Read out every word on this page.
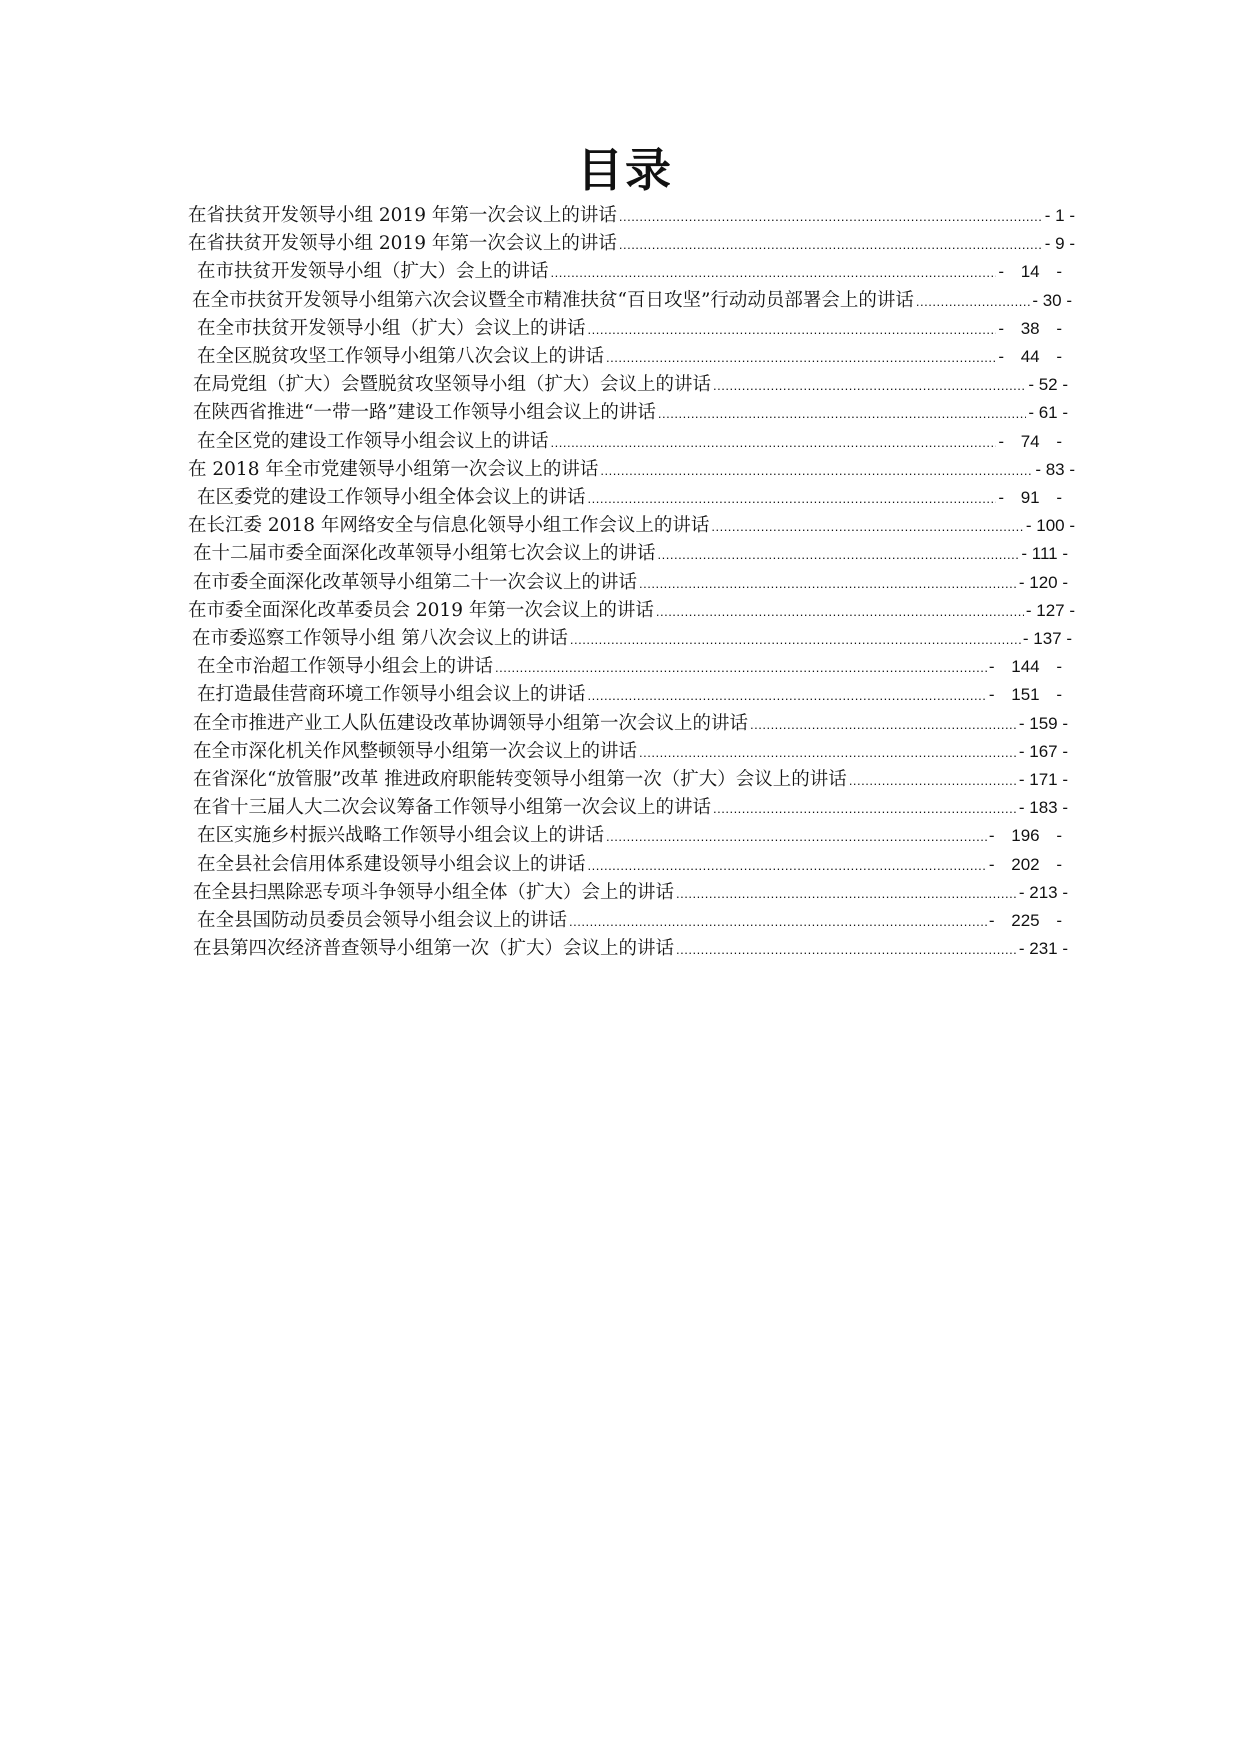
目录
在省扶贫开发领导小组 2019 年第一次会议上的讲话 .....	- 1 -
在省扶贫开发领导小组 2019 年第一次会议上的讲话 .....	- 9 -
在市扶贫开发领导小组（扩大）会上的讲话 .....	- 14 -
在全市扶贫开发领导小组第六次会议暨全市精准扶贫“百日攻坚”行动动员部署会上的讲话 .....	- 30 -
在全市扶贫开发领导小组（扩大）会议上的讲话 .....	- 38 -
在全区脱贫攻坚工作领导小组第八次会议上的讲话 .....	- 44 -
在局党组（扩大）会暨脱贫攻坚领导小组（扩大）会议上的讲话 .....	- 52 -
在陕西省推进“一带一路”建设工作领导小组会议上的讲话 .....	- 61 -
在全区党的建设工作领导小组会议上的讲话 .....	- 74 -
在 2018 年全市党建领导小组第一次会议上的讲话 .....	- 83 -
在区委党的建设工作领导小组全体会议上的讲话 .....	- 91 -
在长江委 2018 年网络安全与信息化领导小组工作会议上的讲话 .....	- 100 -
在十二届市委全面深化改革领导小组第七次会议上的讲话 .....	- 111 -
在市委全面深化改革领导小组第二十一次会议上的讲话 .....	- 120 -
在市委全面深化改革委员会 2019 年第一次会议上的讲话 .....	- 127 -
在市委巡察工作领导小组 第八次会议上的讲话 .....	- 137 -
在全市治超工作领导小组会上的讲话 .....	- 144 -
在打造最佳营商环境工作领导小组会议上的讲话 .....	- 151 -
在全市推进产业工人队伍建设改革协调领导小组第一次会议上的讲话 .....	- 159 -
在全市深化机关作风整顿领导小组第一次会议上的讲话 .....	- 167 -
在省深化“放管服”改革 推进政府职能转变领导小组第一次（扩大）会议上的讲话 .....	- 171 -
在省十三届人大二次会议筹备工作领导小组第一次会议上的讲话 .....	- 183 -
在区实施乡村振兴战略工作领导小组会议上的讲话 .....	- 196 -
在全县社会信用体系建设领导小组会议上的讲话 .....	- 202 -
在全县扫黑除恶专项斗争领导小组全体（扩大）会上的讲话 .....	- 213 -
在全县国防动员委员会领导小组会议上的讲话 .....	- 225 -
在县第四次经济普查领导小组第一次（扩大）会议上的讲话 .....	- 231 -
